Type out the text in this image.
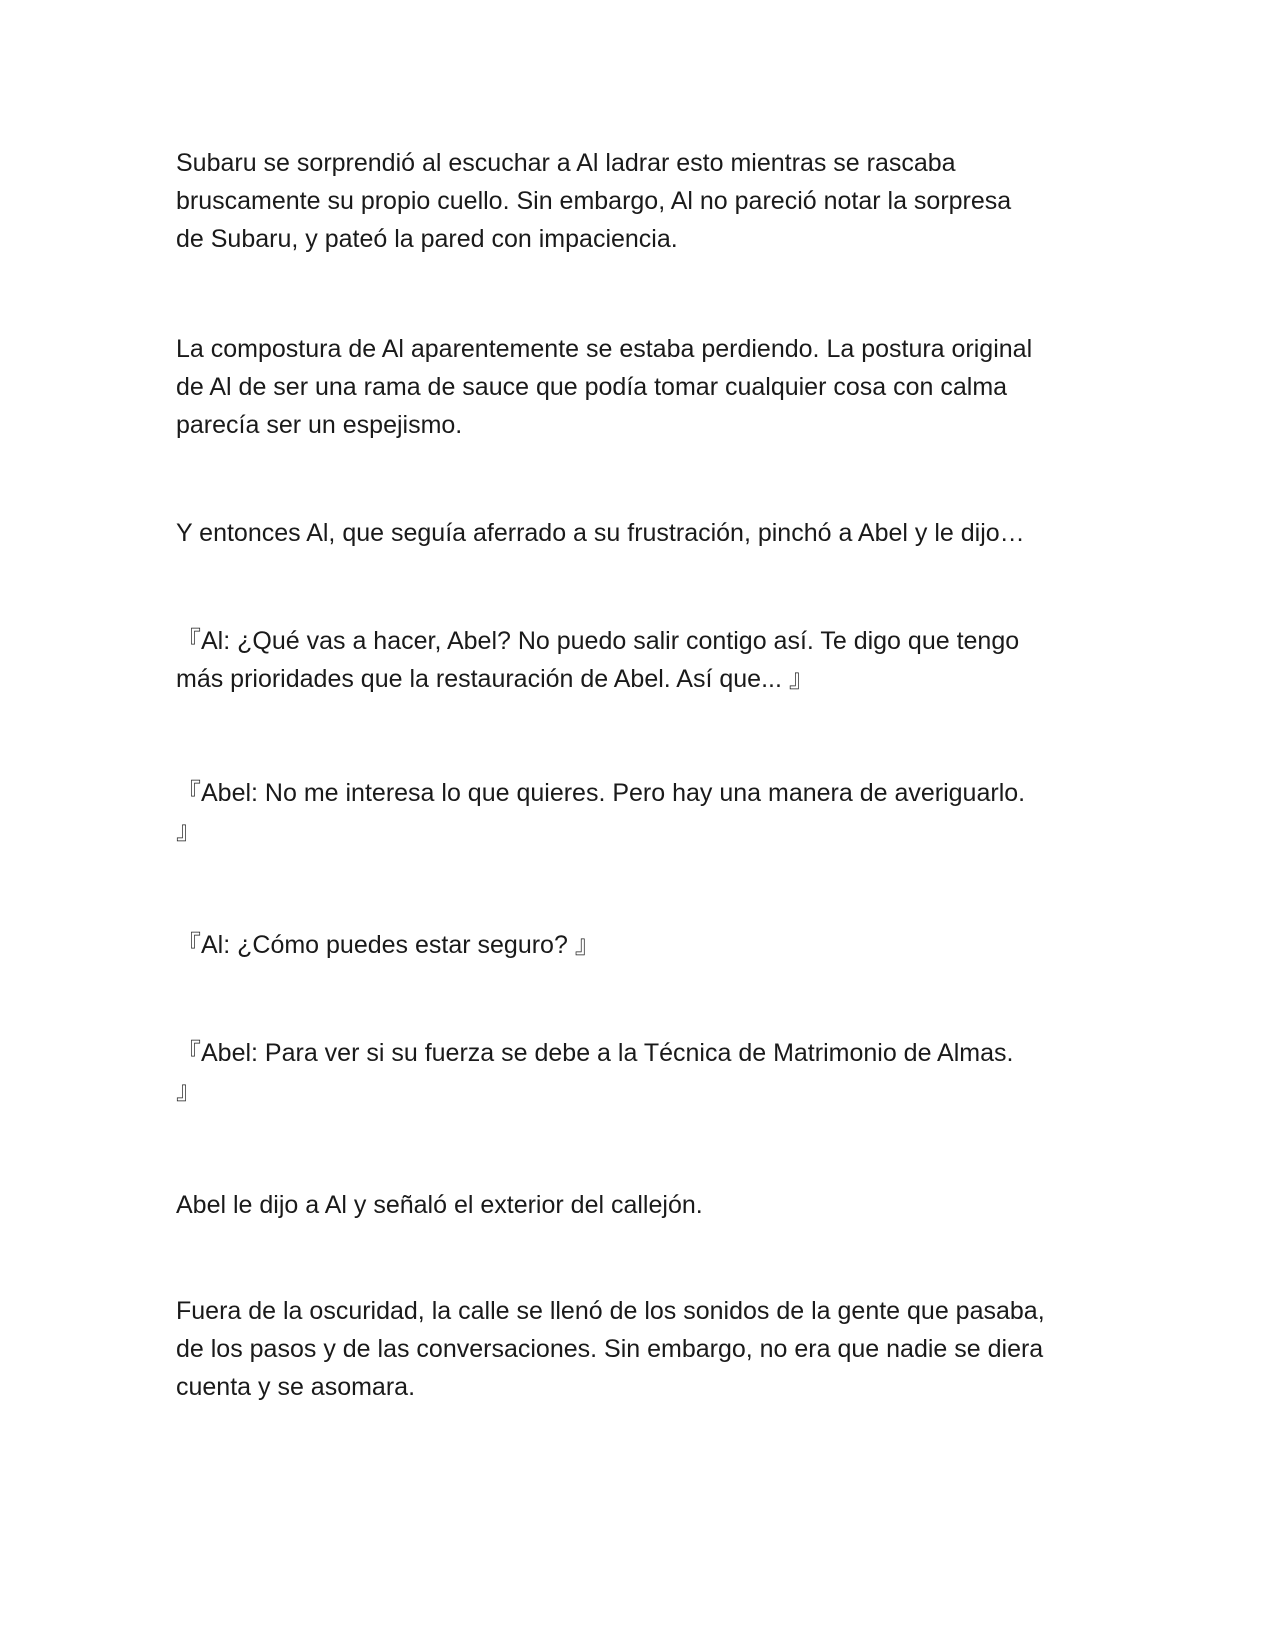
Subaru se sorprendió al escuchar a Al ladrar esto mientras se rascaba
bruscamente su propio cuello. Sin embargo, Al no pareció notar la sorpresa
de Subaru, y pateó la pared con impaciencia.

La compostura de Al aparentemente se estaba perdiendo. La postura original
de Al de ser una rama de sauce que podía tomar cualquier cosa con calma
parecía ser un espejismo.

Y entonces Al, que seguía aferrado a su frustración, pinchó a Abel y le dijo…

『Al: ¿Qué vas a hacer, Abel? No puedo salir contigo así. Te digo que tengo
más prioridades que la restauración de Abel. Así que... 』

『Abel: No me interesa lo que quieres. Pero hay una manera de averiguarlo.
』

『Al: ¿Cómo puedes estar seguro? 』

『Abel: Para ver si su fuerza se debe a la Técnica de Matrimonio de Almas.
』

Abel le dijo a Al y señaló el exterior del callejón.

Fuera de la oscuridad, la calle se llenó de los sonidos de la gente que pasaba,
de los pasos y de las conversaciones. Sin embargo, no era que nadie se diera
cuenta y se asomara.
